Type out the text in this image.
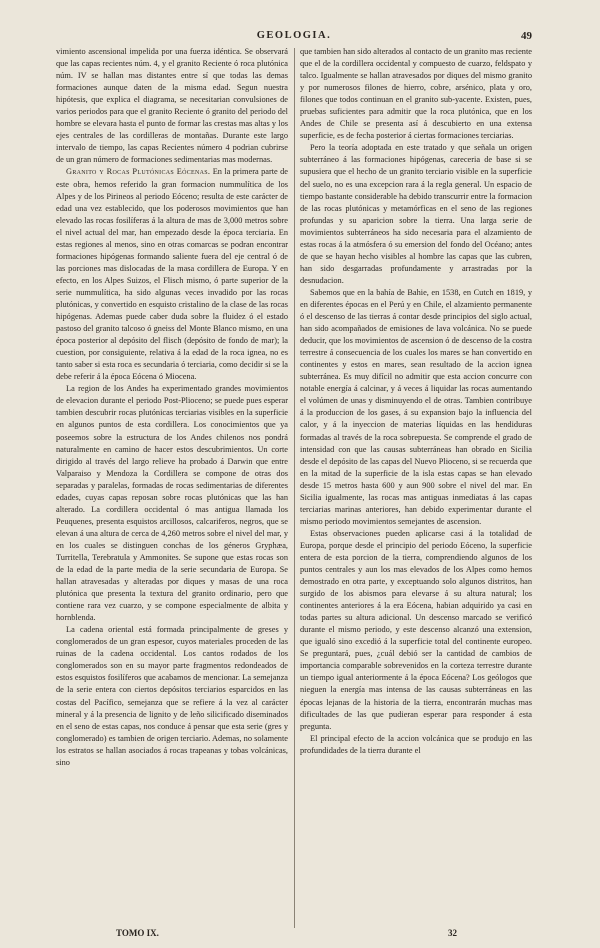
GEOLOGIA.	49

vimiento ascensional impelida por una fuerza idéntica. Se observará que las capas recientes núm. 4, y el granito Reciente ó roca plutónica núm. IV se hallan mas distantes entre sí que todas las demas formaciones aunque daten de la misma edad. Segun nuestra hipótesis, que explica el diagrama, se necesitarian convulsiones de varios periodos para que el granito Reciente ó granito del periodo del hombre se elevara hasta el punto de formar las crestas mas altas y los ejes centrales de las cordilleras de montañas. Durante este largo intervalo de tiempo, las capas Recientes número 4 podrian cubrirse de un gran número de formaciones sedimentarias mas modernas.

Granito y Rocas Plutónicas Eócenas. En la primera parte de este obra, hemos referido la gran formacion nummulítica de los Alpes y de los Pirineos al periodo Eóceno; resulta de este carácter de edad una vez establecido, que los poderosos movimientos que han elevado las rocas fosilíferas á la altura de mas de 3,000 metros sobre el nivel actual del mar, han empezado desde la época terciaria. En estas regiones al menos, sino en otras comarcas se podran encontrar formaciones hipógenas formando saliente fuera del eje central ó de las porciones mas dislocadas de la masa cordillera de Europa. Y en efecto, en los Alpes Suizos, el Flisch mismo, ó parte superior de la serie nummulítica, ha sido algunas veces invadido por las rocas plutónicas, y convertido en esquisto cristalino de la clase de las rocas hipógenas. Ademas puede caber duda sobre la fluidez ó el estado pastoso del granito talcoso ó gneiss del Monte Blanco mismo, en una época posterior al depósito del flisch (depósito de fondo de mar); la cuestion, por consiguiente, relativa á la edad de la roca ignea, no es tanto saber si esta roca es secundaria ó terciaria, como decidir si se la debe referir á la época Eócena ó Miocena.

La region de los Andes ha experimentado grandes movimientos de elevacion durante el periodo Post-Plioceno; se puede pues esperar tambien descubrir rocas plutónicas terciarias visibles en la superficie en algunos puntos de esta cordillera. Los conocimientos que ya poseemos sobre la estructura de los Andes chilenos nos pondrá naturalmente en camino de hacer estos descubrimientos. Un corte dirigido al través del largo relieve ha probado á Darwin que entre Valparaiso y Mendoza la Cordillera se compone de otras dos separadas y paralelas, formadas de rocas sedimentarias de diferentes edades, cuyas capas reposan sobre rocas plutónicas que las han alterado. La cordillera occidental ó mas antigua llamada los Peuquenes, presenta esquistos arcillosos, calcariferos, negros, que se elevan á una altura de cerca de 4,260 metros sobre el nivel del mar, y en los cuales se distinguen conchas de los géneros Gryphæa, Turritella, Terebratula y Ammonites. Se supone que estas rocas son de la edad de la parte media de la serie secundaria de Europa. Se hallan atravesadas y alteradas por diques y masas de una roca plutónica que presenta la textura del granito ordinario, pero que contiene rara vez cuarzo, y se compone especialmente de albita y hornblenda.

La cadena oriental está formada principalmente de greses y conglomerados de un gran espesor, cuyos materiales proceden de las ruinas de la cadena occidental. Los cantos rodados de los conglomerados son en su mayor parte fragmentos redondeados de estos esquistos fosilíferos que acabamos de mencionar. La semejanza de la serie entera con ciertos depósitos terciarios esparcidos en las costas del Pacífico, semejanza que se refiere á la vez al carácter mineral y á la presencia de lignito y de leño silicificado diseminados en el seno de estas capas, nos conduce á pensar que esta serie (gres y conglomerado) es tambien de origen terciario. Ademas, no solamente los estratos se hallan asociados á rocas trapeanas y tobas volcánicas, sino

que tambien han sido alterados al contacto de un granito mas reciente que el de la cordillera occidental y compuesto de cuarzo, feldspato y talco. Igualmente se hallan atravesados por diques del mismo granito y por numerosos filones de hierro, cobre, arsénico, plata y oro, filones que todos continuan en el granito sub-yacente. Existen, pues, pruebas suficientes para admitir que la roca plutónica, que en los Andes de Chile se presenta así á descubierto en una extensa superficie, es de fecha posterior á ciertas formaciones terciarias.

Pero la teoría adoptada en este tratado y que señala un origen subterráneo á las formaciones hipógenas, careceria de base si se supusiera que el hecho de un granito terciario visible en la superficie del suelo, no es una excepcion rara á la regla general. Un espacio de tiempo bastante considerable ha debido transcurrir entre la formacion de las rocas plutónicas y metamórficas en el seno de las regiones profundas y su aparicion sobre la tierra. Una larga serie de movimientos subterráneos ha sido necesaria para el alzamiento de estas rocas á la atmósfera ó su emersion del fondo del Océano; antes de que se hayan hecho visibles al hombre las capas que las cubren, han sido desgarradas profundamente y arrastradas por la desnudacion.

Sabemos que en la bahía de Bahie, en 1538, en Cutch en 1819, y en diferentes épocas en el Perú y en Chile, el alzamiento permanente ó el descenso de las tierras á contar desde principios del siglo actual, han sido acompañados de emisiones de lava volcánica. No se puede deducir, que los movimientos de ascension ó de descenso de la costra terrestre á consecuencia de los cuales los mares se han convertido en continentes y estos en mares, sean resultado de la accion ignea subterránea. Es muy difícil no admitir que esta accion concurre con notable energía á calcinar, y á veces á liquidar las rocas aumentando el volúmen de unas y disminuyendo el de otras. Tambien contribuye á la produccion de los gases, á su expansion bajo la influencia del calor, y á la inyeccion de materias líquidas en las hendiduras formadas al través de la roca sobrepuesta. Se comprende el grado de intensidad con que las causas subterráneas han obrado en Sicilia desde el depósito de las capas del Nuevo Plioceno, si se recuerda que en la mitad de la superficie de la isla estas capas se han elevado desde 15 metros hasta 600 y aun 900 sobre el nivel del mar. En Sicilia igualmente, las rocas mas antiguas inmediatas á las capas terciarias marinas anteriores, han debido experimentar durante el mismo periodo movimientos semejantes de ascension.

Estas observaciones pueden aplicarse casi á la totalidad de Europa, porque desde el principio del periodo Eóceno, la superficie entera de esta porcion de la tierra, comprendiendo algunos de los puntos centrales y aun los mas elevados de los Alpes como hemos demostrado en otra parte, y exceptuando solo algunos distritos, han surgido de los abismos para elevarse á su altura natural; los continentes anteriores á la era Eócena, habian adquirido ya casi en todas partes su altura adicional. Un descenso marcado se verificó durante el mismo periodo, y este descenso alcanzó una extension, que igualó sino excedió á la superficie total del continente europeo. Se preguntará, pues, ¿cuál debió ser la cantidad de cambios de importancia comparable sobrevenidos en la corteza terrestre durante un tiempo igual anteriormente á la época Eócena? Los geólogos que nieguen la energía mas intensa de las causas subterráneas en las épocas lejanas de la historia de la tierra, encontrarán muchas mas dificultades de las que pudieran esperar para responder á esta pregunta.

El principal efecto de la accion volcánica que se produjo en las profundidades de la tierra durante el

TOMO IX.	32
